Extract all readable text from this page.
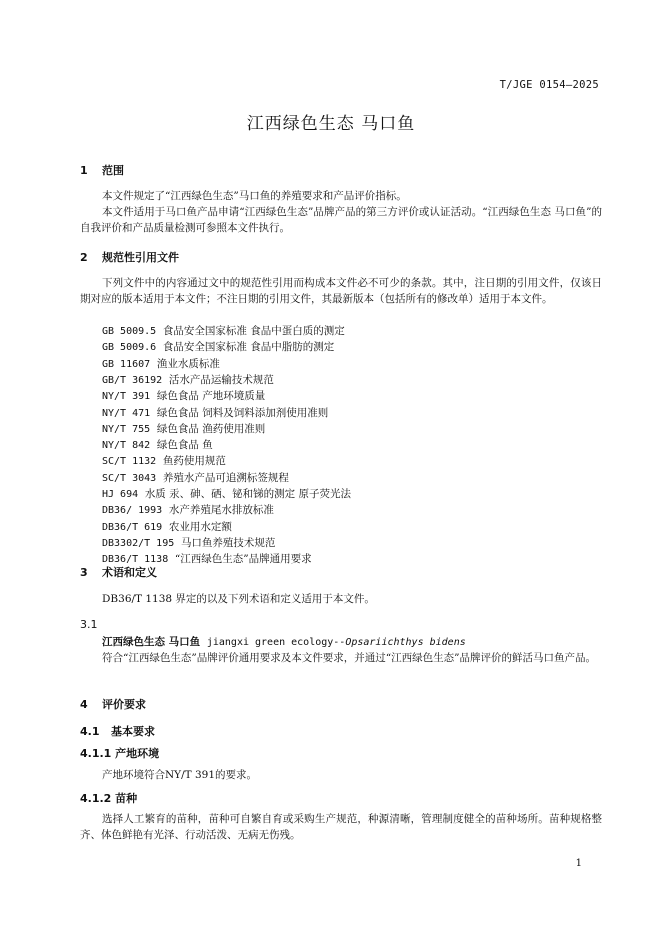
T/JGE 0154—2025
江西绿色生态 马口鱼
1 范围
本文件规定了“江西绿色生态”马口鱼的养殖要求和产品评价指标。
本文件适用于马口鱼产品申请“江西绿色生态”品牌产品的第三方评价或认证活动。“江西绿色生态 马口鱼”的自我评价和产品质量检测可参照本文件执行。
2 规范性引用文件
下列文件中的内容通过文中的规范性引用而构成本文件必不可少的条款。其中，注日期的引用文件，仅该日期对应的版本适用于本文件；不注日期的引用文件，其最新版本（包括所有的修改单）适用于本文件。
GB 5009.5 食品安全国家标准 食品中蛋白质的测定
GB 5009.6 食品安全国家标准 食品中脂肪的测定
GB 11607 渔业水质标准
GB/T 36192 活水产品运输技术规范
NY/T 391 绿色食品 产地环境质量
NY/T 471 绿色食品 饲料及饲料添加剂使用准则
NY/T 755 绿色食品 渔药使用准则
NY/T 842 绿色食品 鱼
SC/T 1132 鱼药使用规范
SC/T 3043 养殖水产品可追溯标签规程
HJ 694 水质 汞、砷、硒、铋和锑的测定 原子荧光法
DB36/ 1993 水产养殖尾水排放标准
DB36/T 619 农业用水定额
DB3302/T 195 马口鱼养殖技术规范
DB36/T 1138 “江西绿色生态”品牌通用要求
3 术语和定义
DB36/T 1138 界定的以及下列术语和定义适用于本文件。
3.1
江西绿色生态 马口鱼 jiangxi green ecology--Opsariichthys bidens
符合“江西绿色生态”品牌评价通用要求及本文件要求，并通过“江西绿色生态”品牌评价的鲜活马口鱼产品。
4 评价要求
4.1 基本要求
4.1.1 产地环境
产地环境符合NY/T 391的要求。
4.1.2 苗种
选择人工繁育的苗种，苗种可自繁自育或采购生产规范，种源清晰，管理制度健全的苗种场所。苗种规格整齐、体色鲜艳有光泽、行动活泼、无病无伤残。
1
